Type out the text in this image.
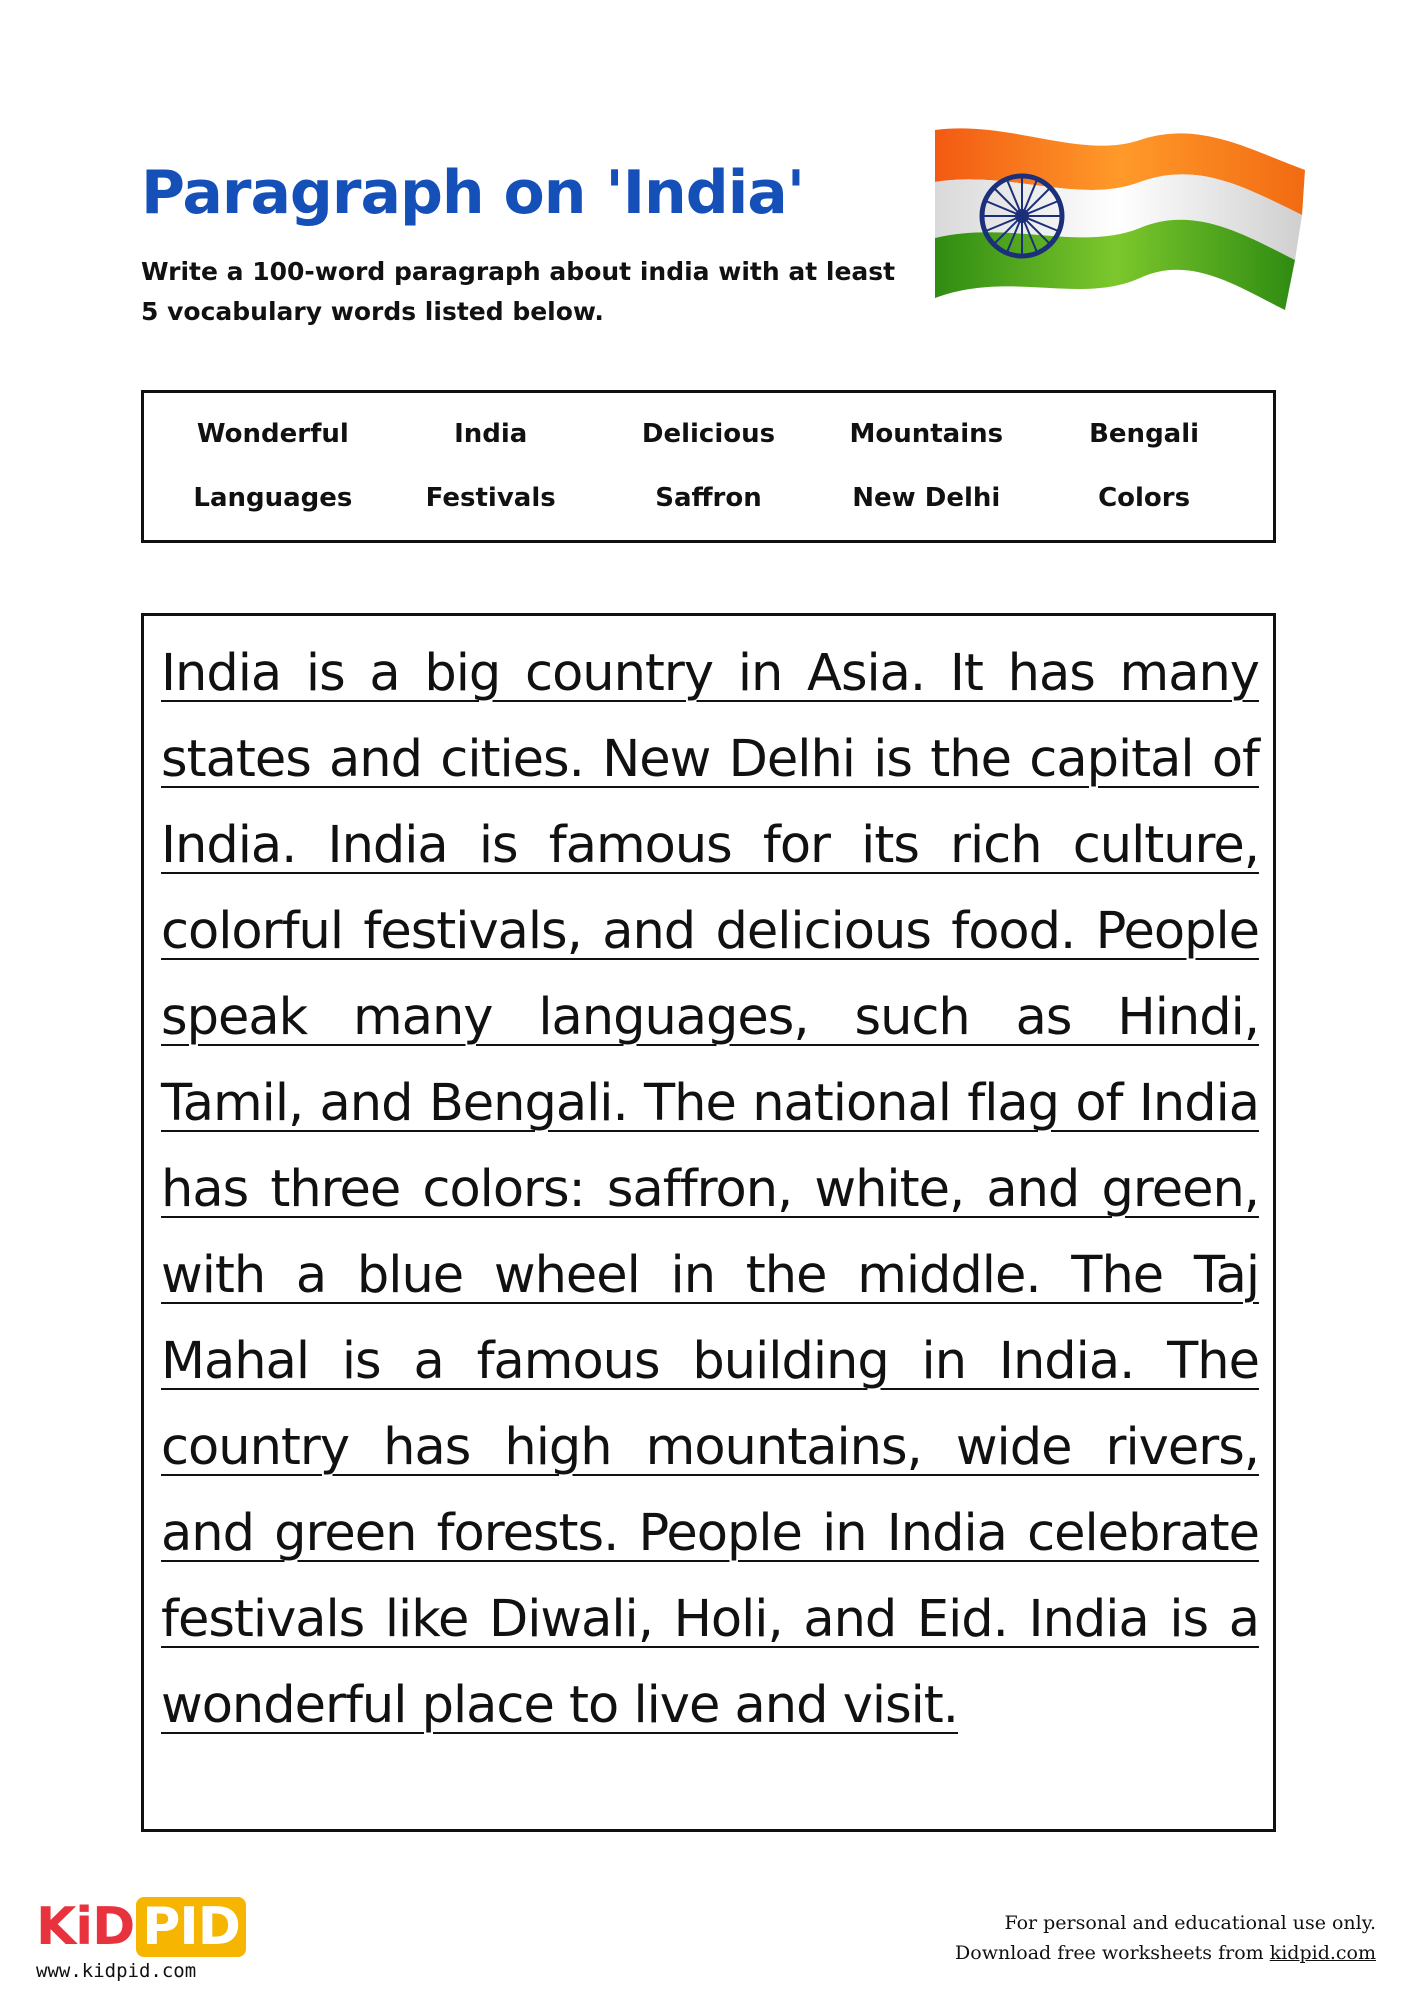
Paragraph on 'India'
Write a 100-word paragraph about india with at least 5 vocabulary words listed below.
Wonderful	India	Delicious	Mountains	Bengali
Languages	Festivals	Saffron	New Delhi	Colors

India is a big country in Asia. It has many states and cities. New Delhi is the capital of India. India is famous for its rich culture, colorful festivals, and delicious food. People speak many languages, such as Hindi, Tamil, and Bengali. The national flag of India has three colors: saffron, white, and green, with a blue wheel in the middle. The Taj Mahal is a famous building in India. The country has high mountains, wide rivers, and green forests. People in India celebrate festivals like Diwali, Holi, and Eid. India is a wonderful place to live and visit.

KiD PID
www.kidpid.com
For personal and educational use only.
Download free worksheets from kidpid.com
